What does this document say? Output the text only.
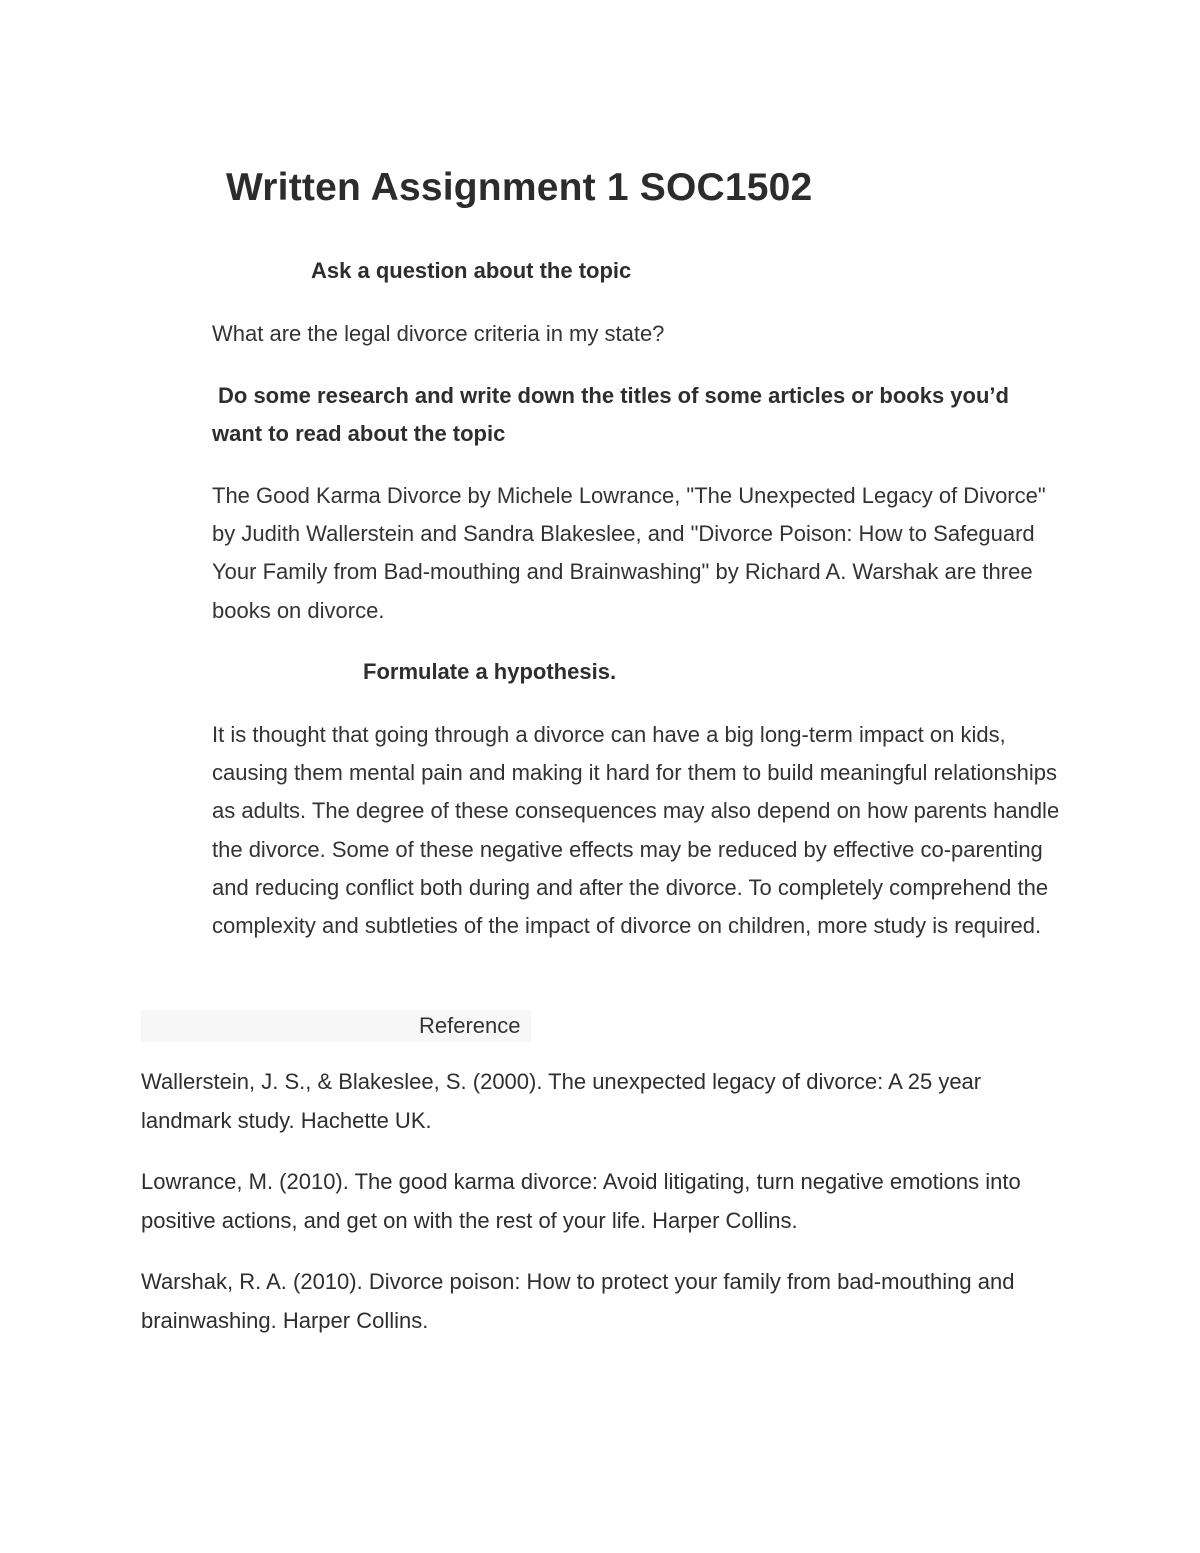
Written Assignment 1 SOC1502
Ask a question about the topic
What are the legal divorce criteria in my state?
Do some research and write down the titles of some articles or books you’d want to read about the topic
The Good Karma Divorce by Michele Lowrance, "The Unexpected Legacy of Divorce" by Judith Wallerstein and Sandra Blakeslee, and "Divorce Poison: How to Safeguard Your Family from Bad-mouthing and Brainwashing" by Richard A. Warshak are three books on divorce.
Formulate a hypothesis.
It is thought that going through a divorce can have a big long-term impact on kids, causing them mental pain and making it hard for them to build meaningful relationships as adults. The degree of these consequences may also depend on how parents handle the divorce. Some of these negative effects may be reduced by effective co-parenting and reducing conflict both during and after the divorce. To completely comprehend the complexity and subtleties of the impact of divorce on children, more study is required.
Reference
Wallerstein, J. S., & Blakeslee, S. (2000). The unexpected legacy of divorce: A 25 year landmark study. Hachette UK.
Lowrance, M. (2010). The good karma divorce: Avoid litigating, turn negative emotions into positive actions, and get on with the rest of your life. Harper Collins.
Warshak, R. A. (2010). Divorce poison: How to protect your family from bad-mouthing and brainwashing. Harper Collins.
